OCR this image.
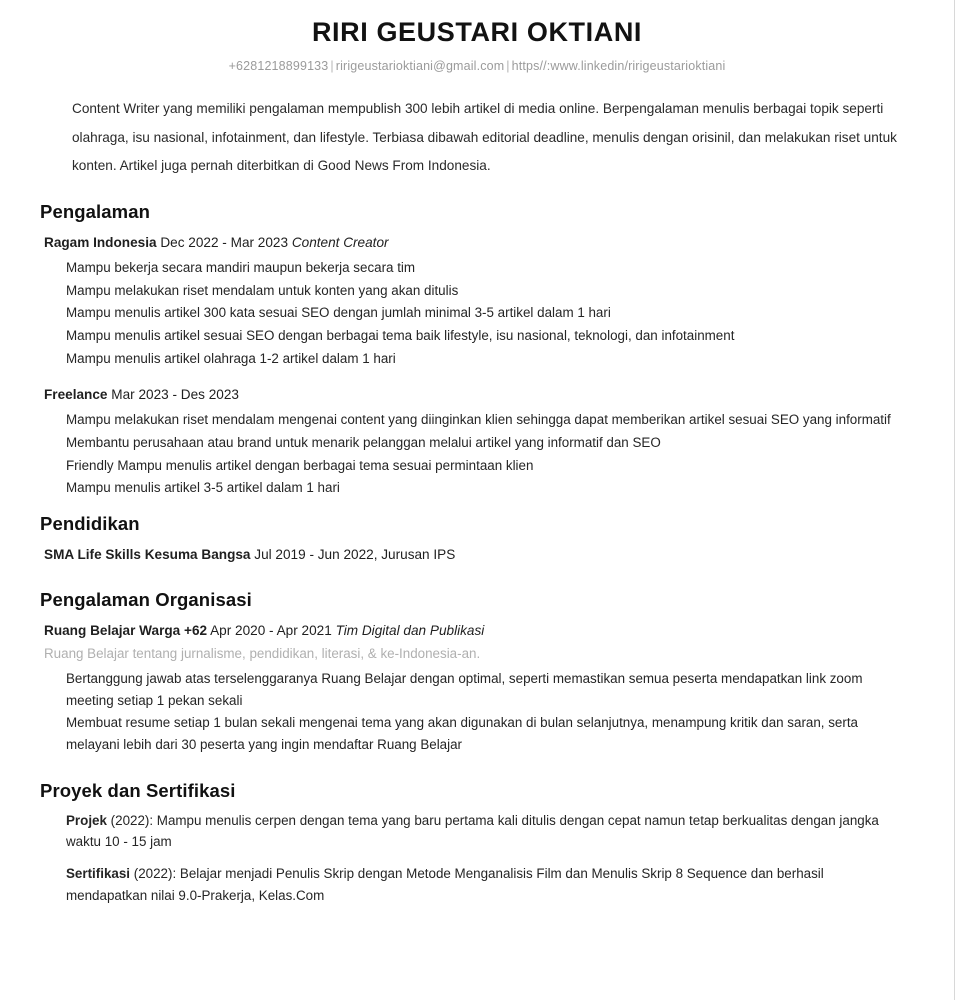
RIRI GEUSTARI OKTIANI
+6281218899133 | ririgeustarioktiani@gmail.com | https//:www.linkedin/ririgeustarioktiani

Content Writer yang memiliki pengalaman mempublish 300 lebih artikel di media online. Berpengalaman menulis berbagai topik seperti olahraga, isu nasional, infotainment, dan lifestyle. Terbiasa dibawah editorial deadline, menulis dengan orisinil, dan melakukan riset untuk konten. Artikel juga pernah diterbitkan di Good News From Indonesia.

Pengalaman
Ragam Indonesia Dec 2022 - Mar 2023 Content Creator
Mampu bekerja secara mandiri maupun bekerja secara tim
Mampu melakukan riset mendalam untuk konten yang akan ditulis
Mampu menulis artikel 300 kata sesuai SEO dengan jumlah minimal 3-5 artikel dalam 1 hari
Mampu menulis artikel sesuai SEO dengan berbagai tema baik lifestyle, isu nasional, teknologi, dan infotainment
Mampu menulis artikel olahraga 1-2 artikel dalam 1 hari
Freelance Mar 2023 - Des 2023
Mampu melakukan riset mendalam mengenai content yang diinginkan klien sehingga dapat memberikan artikel sesuai SEO yang informatif
Membantu perusahaan atau brand untuk menarik pelanggan melalui artikel yang informatif dan SEO
Friendly Mampu menulis artikel dengan berbagai tema sesuai permintaan klien
Mampu menulis artikel 3-5 artikel dalam 1 hari
Pendidikan
SMA Life Skills Kesuma Bangsa Jul 2019 - Jun 2022, Jurusan IPS
Pengalaman Organisasi
Ruang Belajar Warga +62 Apr 2020 - Apr 2021 Tim Digital dan Publikasi
Ruang Belajar tentang jurnalisme, pendidikan, literasi, & ke-Indonesia-an.
Bertanggung jawab atas terselenggaranya Ruang Belajar dengan optimal, seperti memastikan semua peserta mendapatkan link zoom meeting setiap 1 pekan sekali
Membuat resume setiap 1 bulan sekali mengenai tema yang akan digunakan di bulan selanjutnya, menampung kritik dan saran, serta melayani lebih dari 30 peserta yang ingin mendaftar Ruang Belajar
Proyek dan Sertifikasi
Projek (2022): Mampu menulis cerpen dengan tema yang baru pertama kali ditulis dengan cepat namun tetap berkualitas dengan jangka waktu 10 - 15 jam
Sertifikasi (2022): Belajar menjadi Penulis Skrip dengan Metode Menganalisis Film dan Menulis Skrip 8 Sequence dan berhasil mendapatkan nilai 9.0-Prakerja, Kelas.Com
